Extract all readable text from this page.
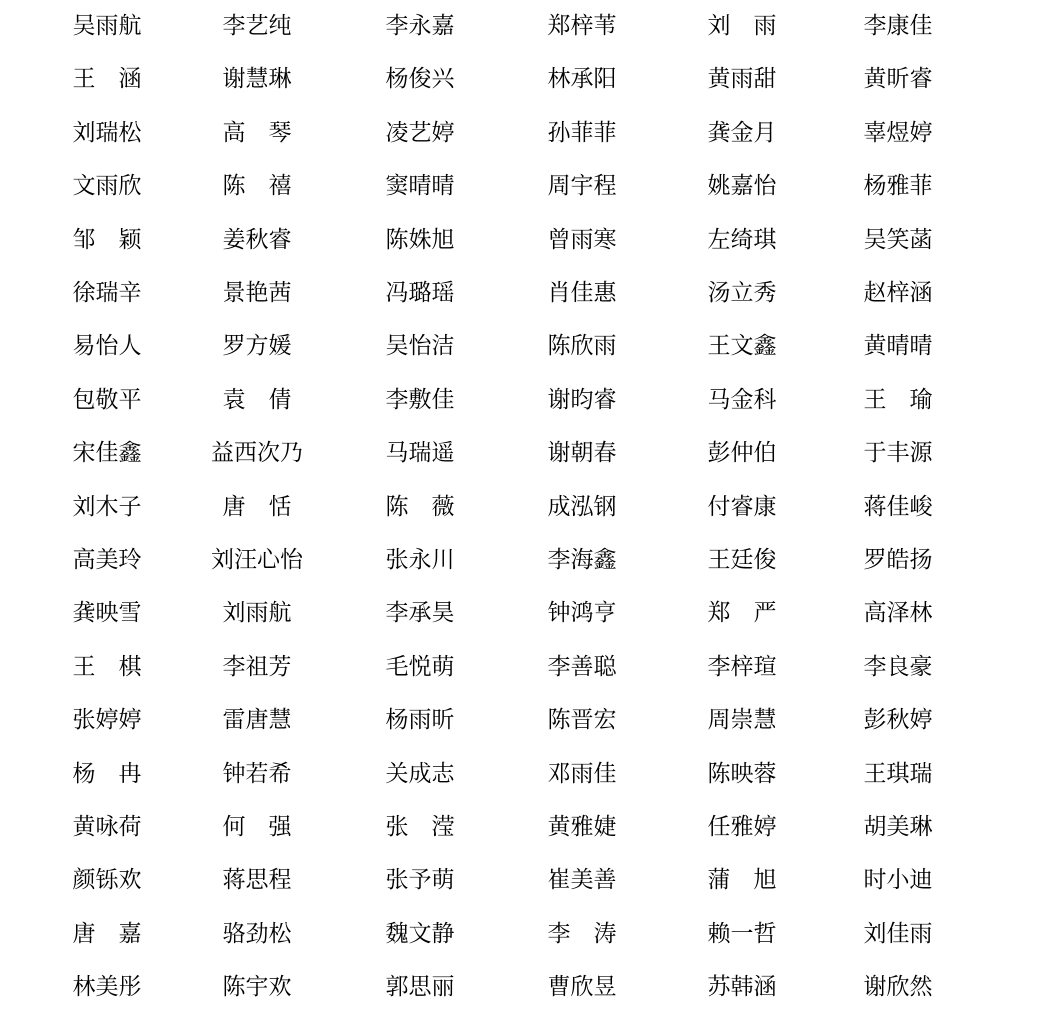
吴雨航	李艺纯	李永嘉	郑梓苇	刘　雨	李康佳
王　涵	谢慧琳	杨俊兴	林承阳	黄雨甜	黄昕睿
刘瑞松	高　琴	凌艺婷	孙菲菲	龚金月	辜煜婷
文雨欣	陈　禧	窦晴晴	周宇程	姚嘉怡	杨雅菲
邹　颖	姜秋睿	陈姝旭	曾雨寒	左绮琪	吴笑菡
徐瑞辛	景艳茜	冯璐瑶	肖佳惠	汤立秀	赵梓涵
易怡人	罗方媛	吴怡洁	陈欣雨	王文鑫	黄晴晴
包敬平	袁　倩	李敷佳	谢昀睿	马金科	王　瑜
宋佳鑫	益西次乃	马瑞遥	谢朝春	彭仲伯	于丰源
刘木子	唐　恬	陈　薇	成泓钢	付睿康	蒋佳峻
高美玲	刘汪心怡	张永川	李海鑫	王廷俊	罗皓扬
龚映雪	刘雨航	李承昊	钟鸿亨	郑　严	高泽林
王　棋	李祖芳	毛悦萌	李善聪	李梓瑄	李良豪
张婷婷	雷唐慧	杨雨昕	陈晋宏	周崇慧	彭秋婷
杨　冉	钟若希	关成志	邓雨佳	陈映蓉	王琪瑞
黄咏荷	何　强	张　滢	黄雅婕	任雅婷	胡美琳
颜铄欢	蒋思程	张予萌	崔美善	蒲　旭	时小迪
唐　嘉	骆劲松	魏文静	李　涛	赖一哲	刘佳雨
林美彤	陈宇欢	郭思丽	曹欣昱	苏韩涵	谢欣然
